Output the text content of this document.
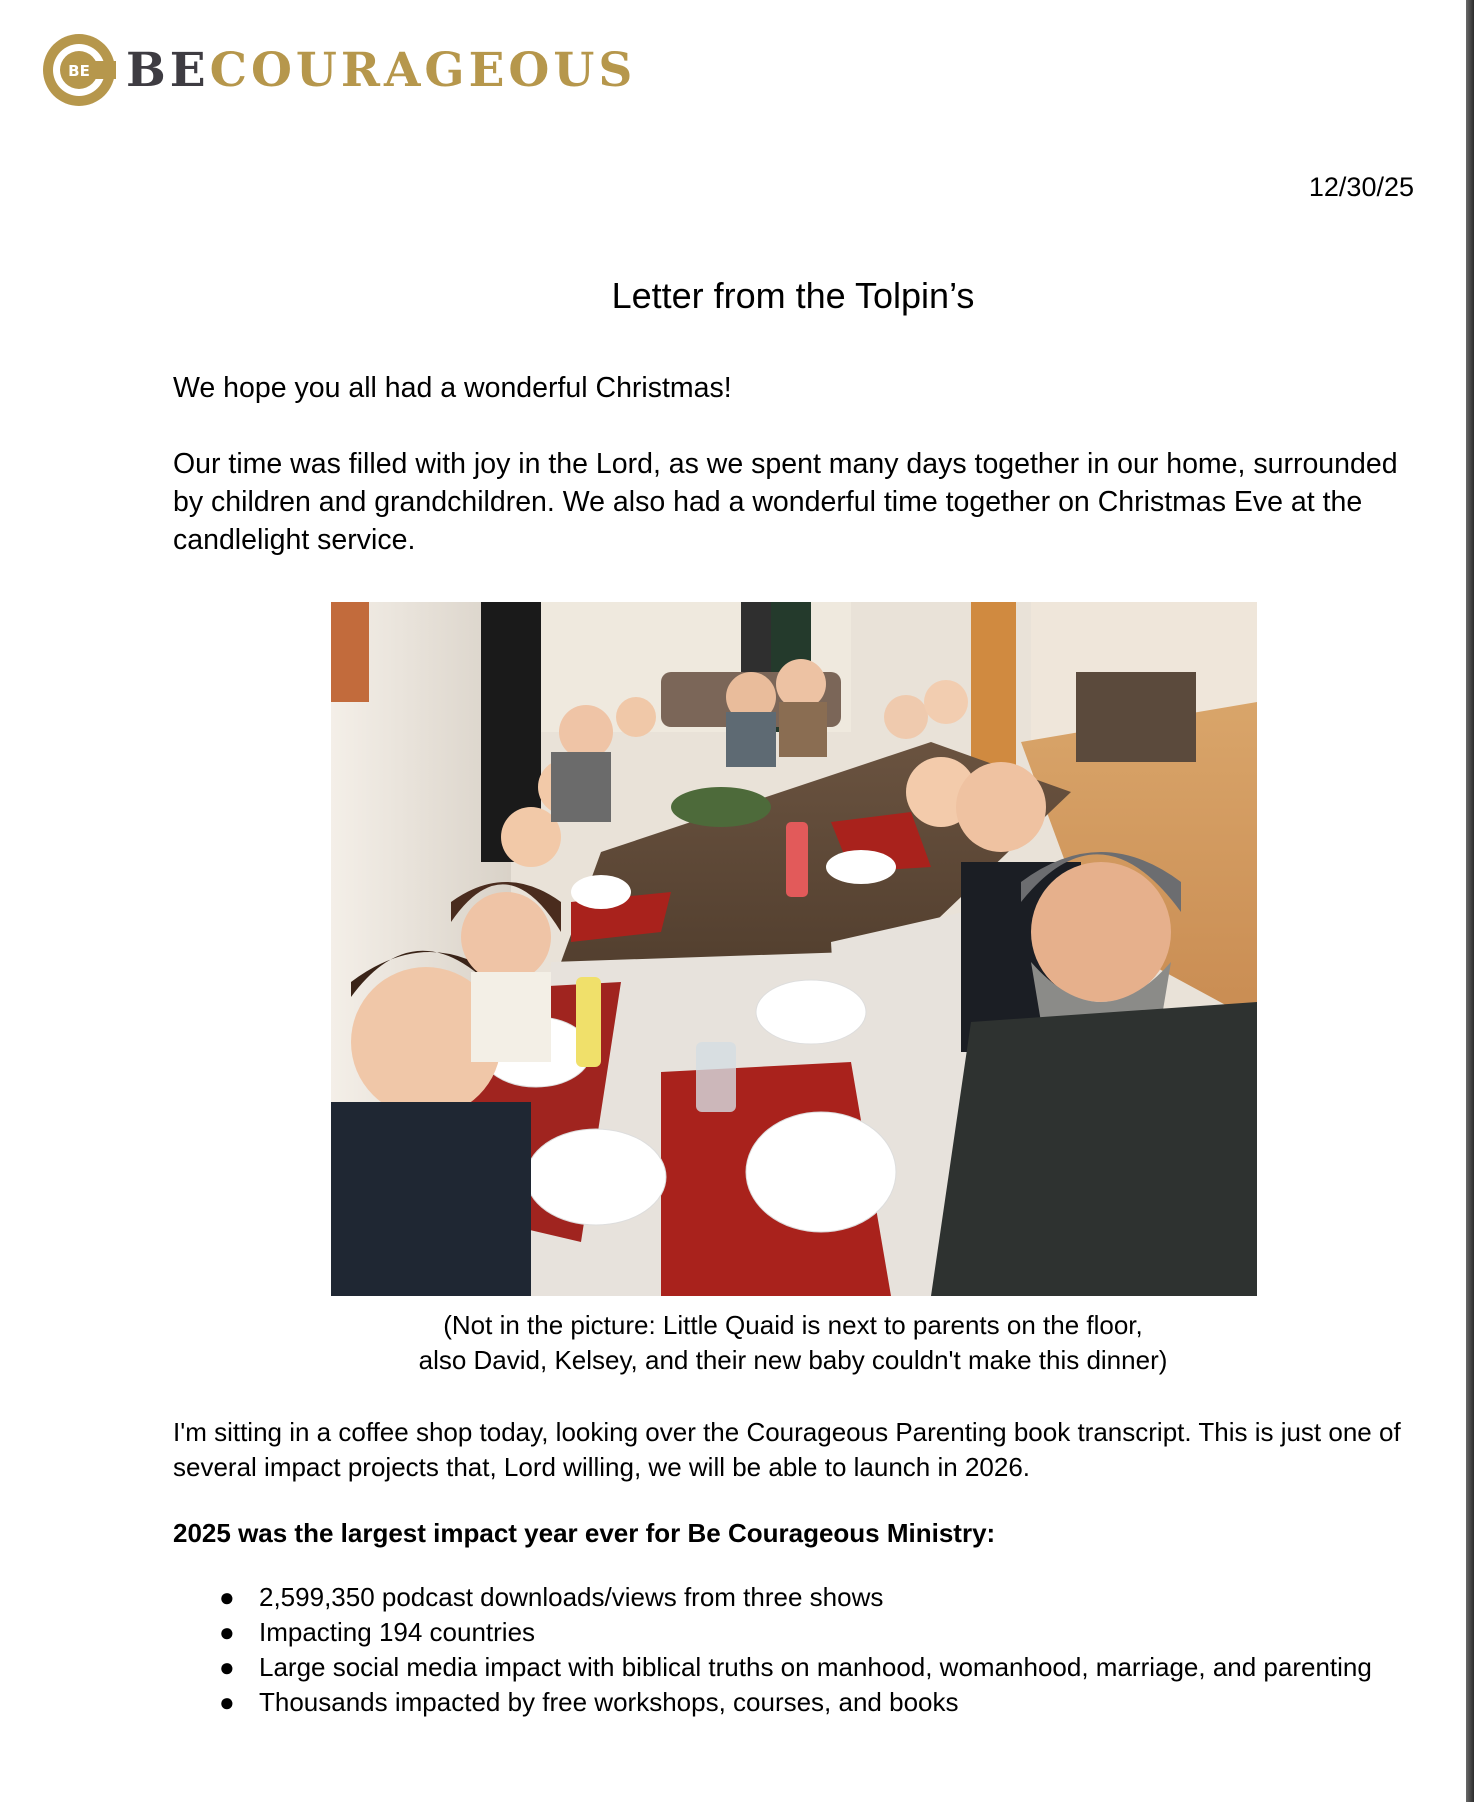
BE BECOURAGEOUS
12/30/25
Letter from the Tolpin’s

We hope you all had a wonderful Christmas!

Our time was filled with joy in the Lord, as we spent many days together in our home, surrounded by children and grandchildren. We also had a wonderful time together on Christmas Eve at the candlelight service.

(Not in the picture: Little Quaid is next to parents on the floor,
also David, Kelsey, and their new baby couldn't make this dinner)

I'm sitting in a coffee shop today, looking over the Courageous Parenting book transcript. This is just one of several impact projects that, Lord willing, we will be able to launch in 2026.

2025 was the largest impact year ever for Be Courageous Ministry:

● 2,599,350 podcast downloads/views from three shows
● Impacting 194 countries
● Large social media impact with biblical truths on manhood, womanhood, marriage, and parenting
● Thousands impacted by free workshops, courses, and books
